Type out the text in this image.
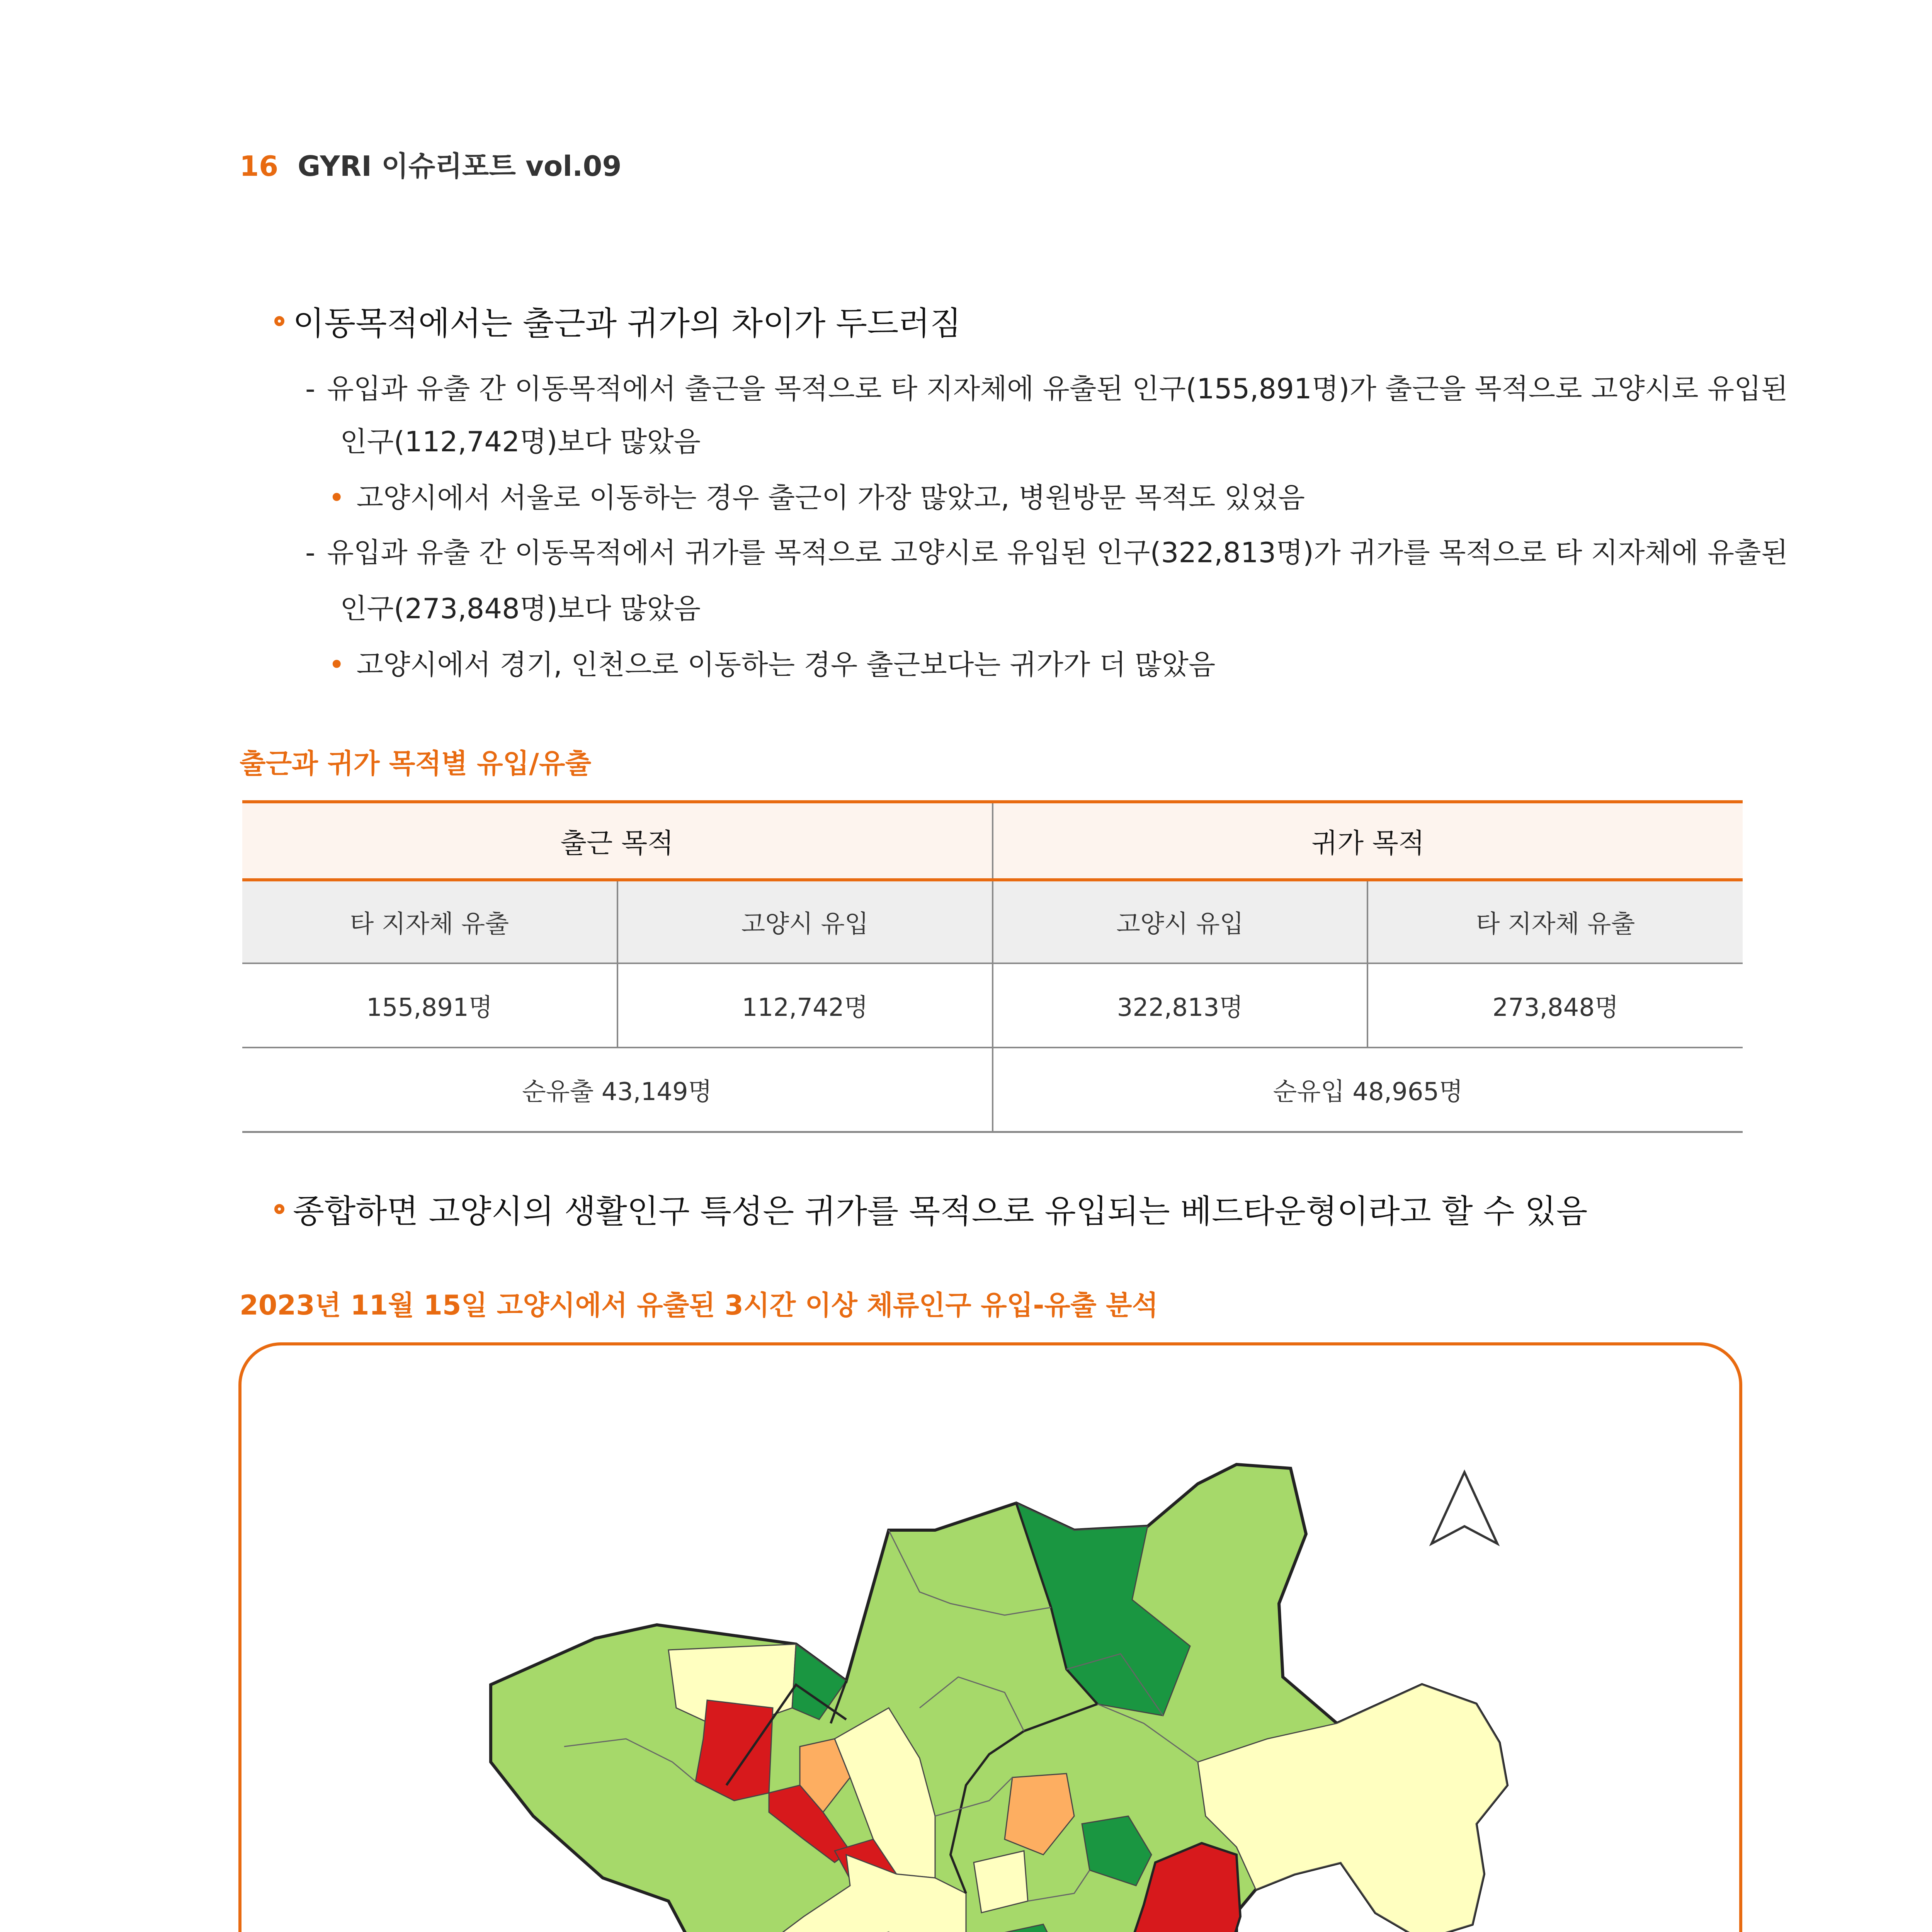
16 GYRI 이슈리포트 vol.09
이동목적에서는 출근과 귀가의 차이가 두드러짐
- 유입과 유출 간 이동목적에서 출근을 목적으로 타 지자체에 유출된 인구(155,891명)가 출근을 목적으로 고양시로 유입된
인구(112,742명)보다 많았음
• 고양시에서 서울로 이동하는 경우 출근이 가장 많았고, 병원방문 목적도 있었음
- 유입과 유출 간 이동목적에서 귀가를 목적으로 고양시로 유입된 인구(322,813명)가 귀가를 목적으로 타 지자체에 유출된
인구(273,848명)보다 많았음
• 고양시에서 경기, 인천으로 이동하는 경우 출근보다는 귀가가 더 많았음
출근과 귀가 목적별 유입/유출
출근 목적		귀가 목적	
타 지자체 유출	고양시 유입	고양시 유입	타 지자체 유출
155,891명	112,742명	322,813명	273,848명
순유출 43,149명		순유입 48,965명	
종합하면 고양시의 생활인구 특성은 귀가를 목적으로 유입되는 베드타운형이라고 할 수 있음
2023년 11월 15일 고양시에서 유출된 3시간 이상 체류인구 유입-유출 분석
